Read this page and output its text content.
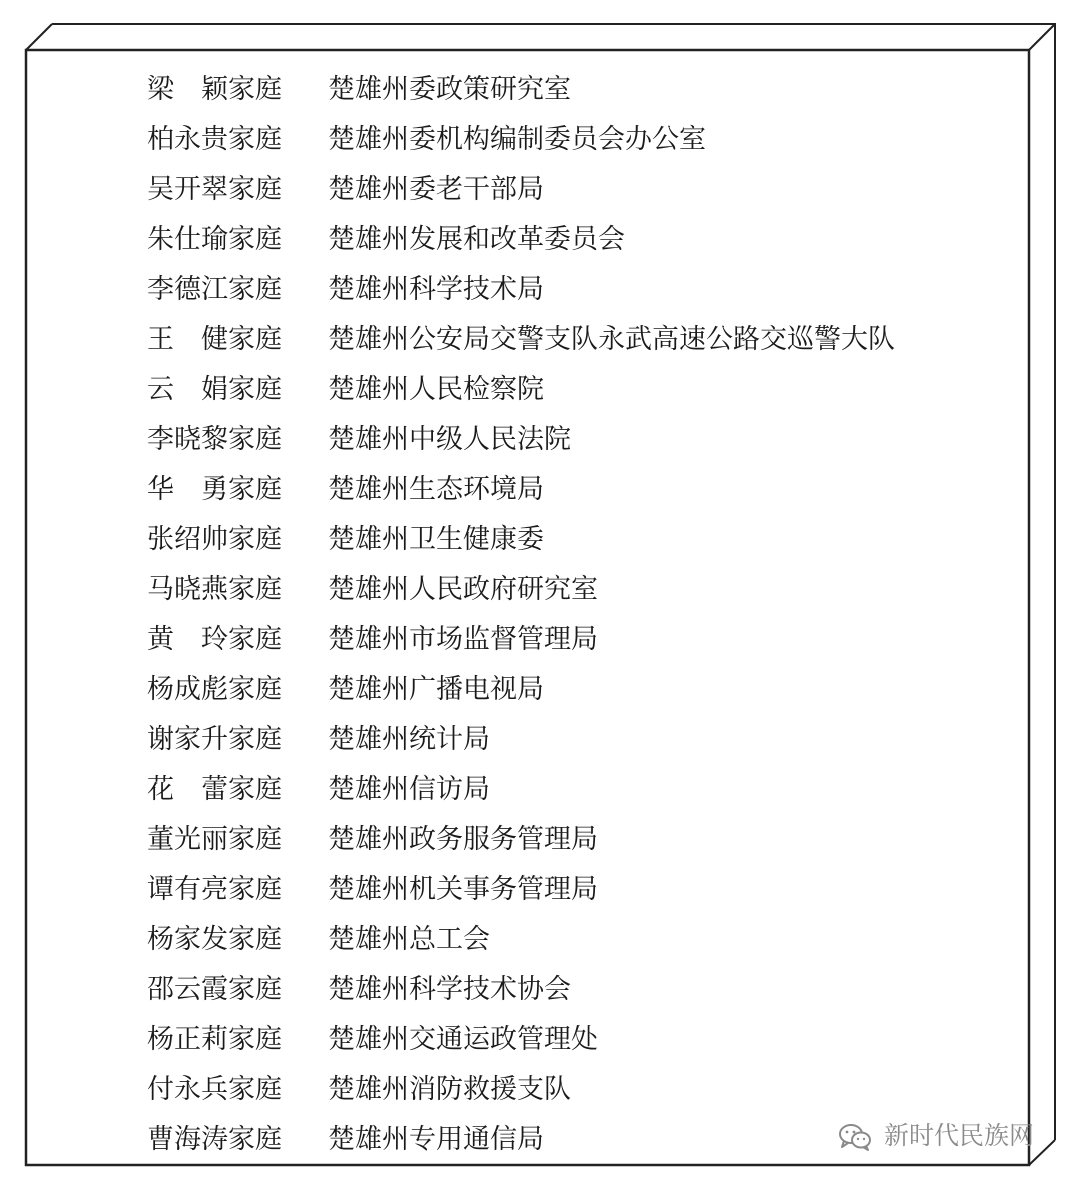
梁　颖家庭 楚雄州委政策研究室
柏永贵家庭 楚雄州委机构编制委员会办公室
吴开翠家庭 楚雄州委老干部局
朱仕瑜家庭 楚雄州发展和改革委员会
李德江家庭 楚雄州科学技术局
王　健家庭 楚雄州公安局交警支队永武高速公路交巡警大队
云　娟家庭 楚雄州人民检察院
李晓黎家庭 楚雄州中级人民法院
华　勇家庭 楚雄州生态环境局
张绍帅家庭 楚雄州卫生健康委
马晓燕家庭 楚雄州人民政府研究室
黄　玲家庭 楚雄州市场监督管理局
杨成彪家庭 楚雄州广播电视局
谢家升家庭 楚雄州统计局
花　蕾家庭 楚雄州信访局
董光丽家庭 楚雄州政务服务管理局
谭有亮家庭 楚雄州机关事务管理局
杨家发家庭 楚雄州总工会
邵云霞家庭 楚雄州科学技术协会
杨正莉家庭 楚雄州交通运政管理处
付永兵家庭 楚雄州消防救援支队
曹海涛家庭 楚雄州专用通信局	新时代民族网
